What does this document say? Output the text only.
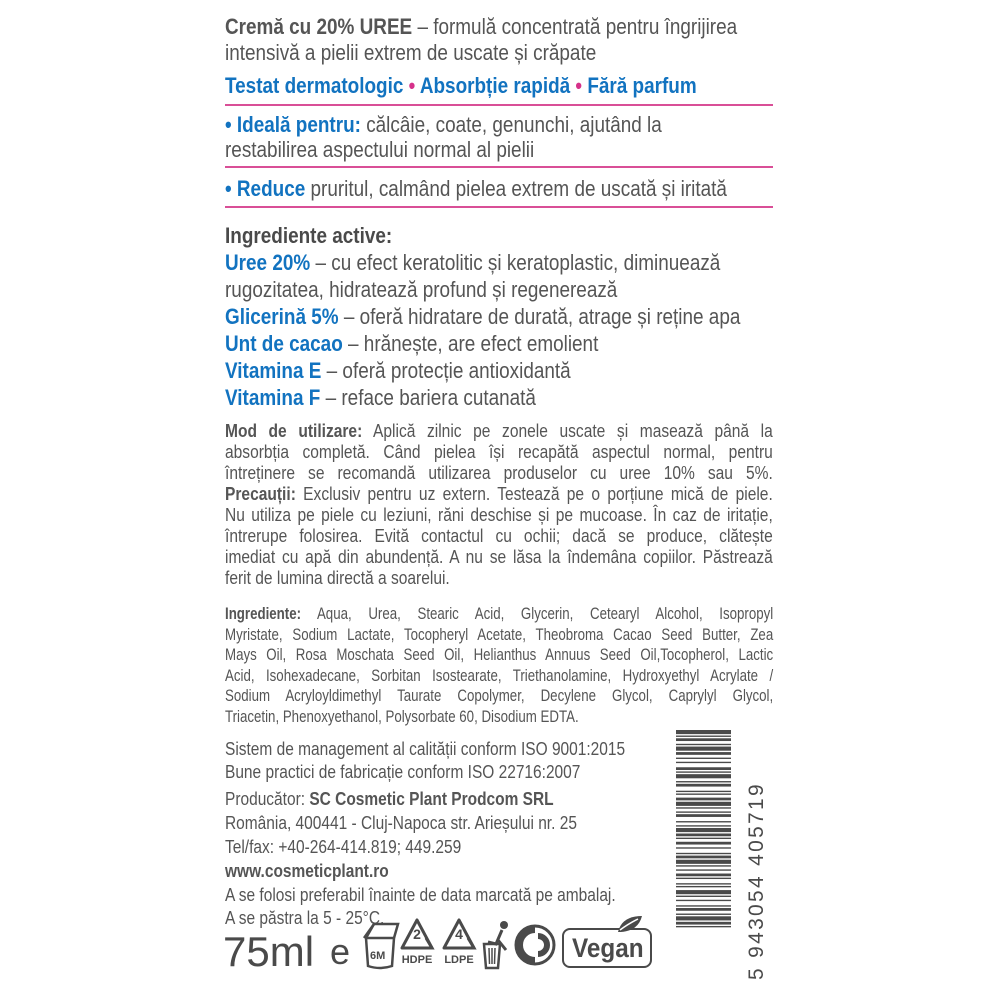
Cremă cu 20% UREE – formulă concentrată pentru îngrijirea
intensivă a pielii extrem de uscate și crăpate
Testat dermatologic • Absorbție rapidă • Fără parfum
• Ideală pentru: călcâie, coate, genunchi, ajutând la
restabilirea aspectului normal al pielii
• Reduce pruritul, calmând pielea extrem de uscată și iritată
Ingrediente active:
Uree 20% – cu efect keratolitic și keratoplastic, diminuează
rugozitatea, hidratează profund și regenerează
Glicerină 5% – oferă hidratare de durată, atrage și reține apa
Unt de cacao – hrănește, are efect emolient
Vitamina E – oferă protecție antioxidantă
Vitamina F – reface bariera cutanată
Mod de utilizare: Aplică zilnic pe zonele uscate și masează până la
absorbția completă. Când pielea își recapătă aspectul normal, pentru
întreținere se recomandă utilizarea produselor cu uree 10% sau 5%.
Precauții: Exclusiv pentru uz extern. Testează pe o porțiune mică de piele.
Nu utiliza pe piele cu leziuni, răni deschise și pe mucoase. În caz de iritație,
întrerupe folosirea. Evită contactul cu ochii; dacă se produce, clătește
imediat cu apă din abundență. A nu se lăsa la îndemâna copiilor. Păstrează
ferit de lumina directă a soarelui.
Ingrediente: Aqua, Urea, Stearic Acid, Glycerin, Cetearyl Alcohol, Isopropyl
Myristate, Sodium Lactate, Tocopheryl Acetate, Theobroma Cacao Seed Butter, Zea
Mays Oil, Rosa Moschata Seed Oil, Helianthus Annuus Seed Oil,Tocopherol, Lactic
Acid, Isohexadecane, Sorbitan Isostearate, Triethanolamine, Hydroxyethyl Acrylate /
Sodium Acryloyldimethyl Taurate Copolymer, Decylene Glycol, Caprylyl Glycol,
Triacetin, Phenoxyethanol, Polysorbate 60, Disodium EDTA.
Sistem de management al calității conform ISO 9001:2015
Bune practici de fabricație conform ISO 22716:2007
Producător: SC Cosmetic Plant Prodcom SRL
România, 400441 - Cluj-Napoca str. Arieșului nr. 25
Tel/fax: +40-264-414.819; 449.259
www.cosmeticplant.ro
A se folosi preferabil înainte de data marcată pe ambalaj.
A se păstra la 5 - 25°C.
75ml e 6M
2
HDPE
4
LDPE	Vegan	5 943054 405719
